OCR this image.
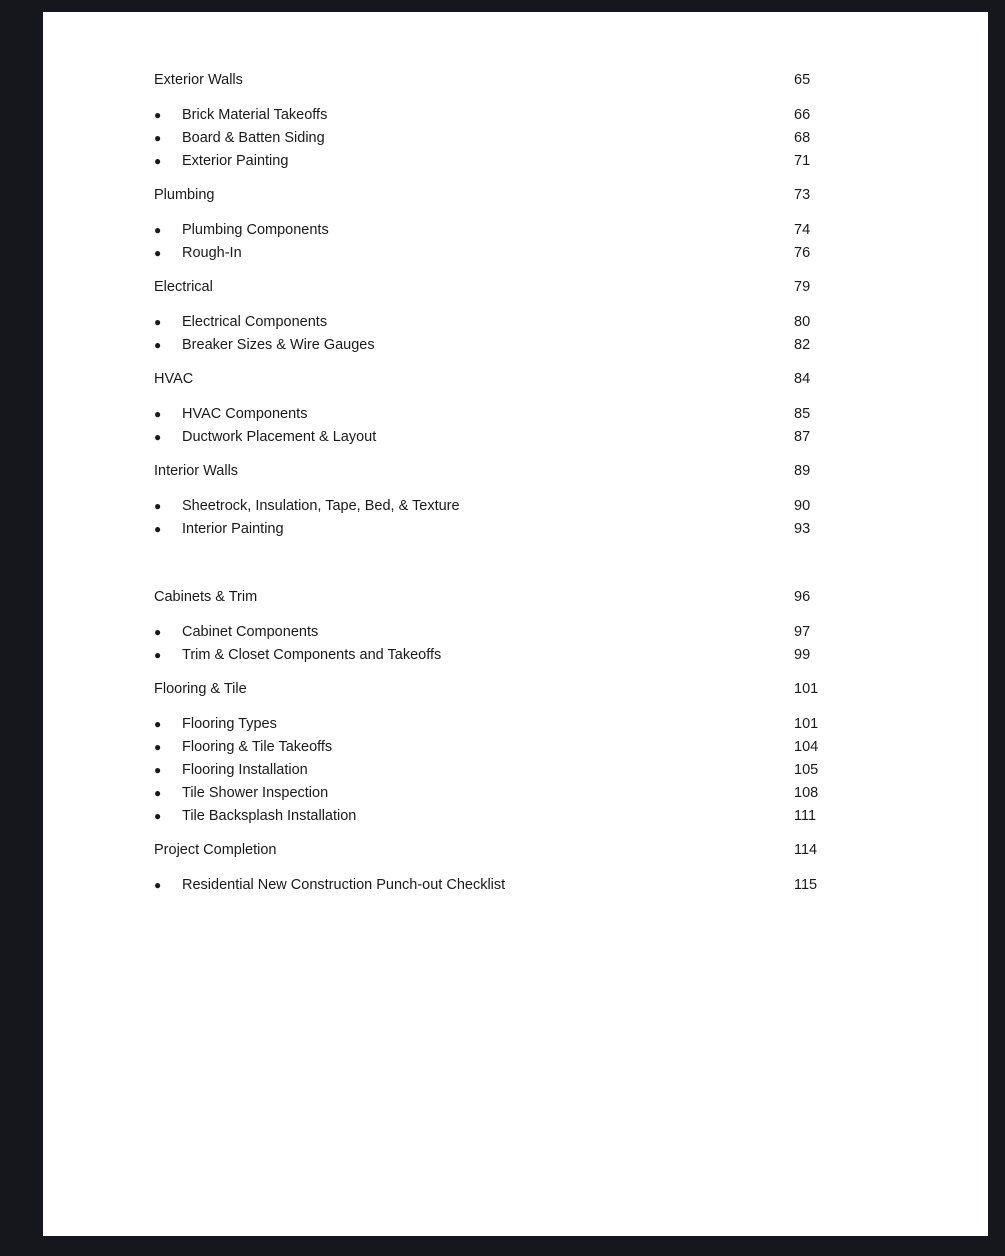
Exterior Walls	65
●	Brick Material Takeoffs	66
●	Board & Batten Siding	68
●	Exterior Painting	71
Plumbing	73
●	Plumbing Components	74
●	Rough-In	76
Electrical	79
●	Electrical Components	80
●	Breaker Sizes & Wire Gauges	82
HVAC	84
●	HVAC Components	85
●	Ductwork Placement & Layout	87
Interior Walls	89
●	Sheetrock, Insulation, Tape, Bed, & Texture	90
●	Interior Painting	93
Cabinets & Trim	96
●	Cabinet Components	97
●	Trim & Closet Components and Takeoffs	99
Flooring & Tile	101
●	Flooring Types	101
●	Flooring & Tile Takeoffs	104
●	Flooring Installation	105
●	Tile Shower Inspection	108
●	Tile Backsplash Installation	111
Project Completion	114
●	Residential New Construction Punch-out Checklist	115
